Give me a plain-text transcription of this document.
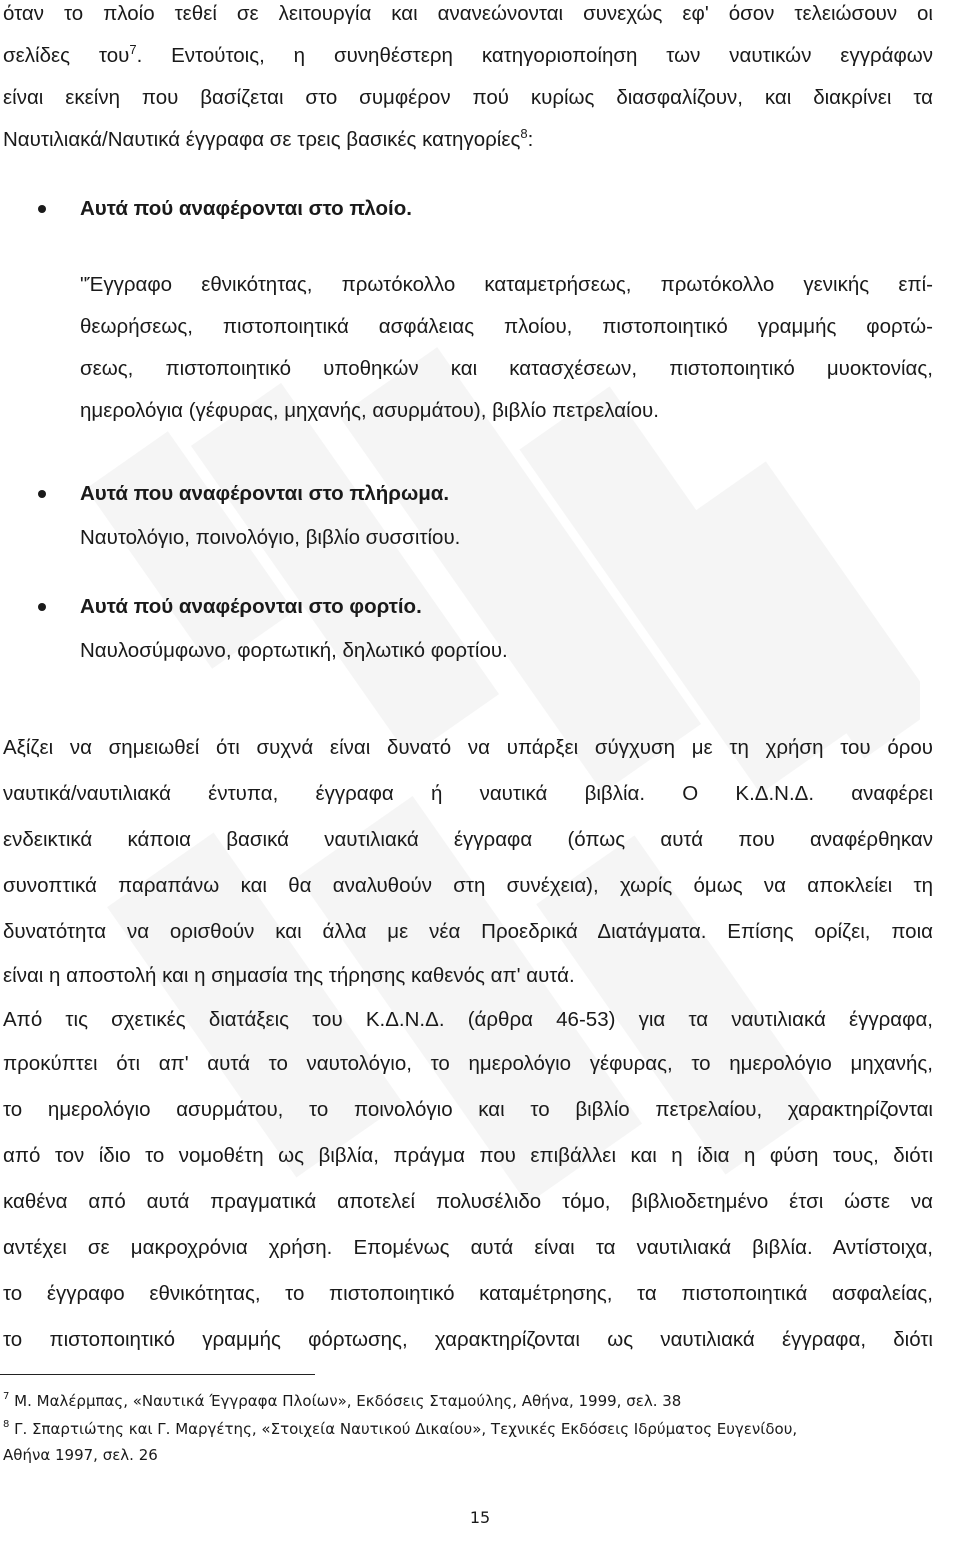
όταν το πλοίο τεθεί σε λειτουργία και ανανεώνονται συνεχώς εφ' όσον τελειώσουν οι
σελίδες του$^7$. Εντούτοις, η συνηθέστερη κατηγοριοποίηση των ναυτικών εγγράφων
είναι εκείνη που βασίζεται στο συμφέρον πού κυρίως διασφαλίζουν, και διακρίνει τα
Ναυτιλιακά/Ναυτικά έγγραφα σε τρεις βασικές κατηγορίες$^8$:
Αυτά πού αναφέρονται στο πλοίο.
"Έγγραφο εθνικότητας, πρωτόκολλο καταμετρήσεως, πρωτόκολλο γενικής επί-
θεωρήσεως, πιστοποιητικά ασφάλειας πλοίου, πιστοποιητικό γραμμής φορτώ-
σεως, πιστοποιητικό υποθηκών και κατασχέσεων, πιστοποιητικό μυοκτονίας,
ημερολόγια (γέφυρας, μηχανής, ασυρμάτου), βιβλίο πετρελαίου.
Αυτά που αναφέρονται στο πλήρωμα.
Ναυτολόγιο, ποινολόγιο, βιβλίο συσσιτίου.
Αυτά πού αναφέρονται στο φορτίο.
Ναυλοσύμφωνο, φορτωτική, δηλωτικό φορτίου.
Αξίζει να σημειωθεί ότι συχνά είναι δυνατό να υπάρξει σύγχυση με τη χρήση του όρου
ναυτικά/ναυτιλιακά έντυπα, έγγραφα ή ναυτικά βιβλία. Ο Κ.Δ.Ν.Δ. αναφέρει
ενδεικτικά κάποια βασικά ναυτιλιακά έγγραφα (όπως αυτά που αναφέρθηκαν
συνοπτικά παραπάνω και θα αναλυθούν στη συνέχεια), χωρίς όμως να αποκλείει τη
δυνατότητα να ορισθούν και άλλα με νέα Προεδρικά Διατάγματα. Επίσης ορίζει, ποια
είναι η αποστολή και η σημασία της τήρησης καθενός απ' αυτά.
Από τις σχετικές διατάξεις του Κ.Δ.Ν.Δ. (άρθρα 46-53) για τα ναυτιλιακά έγγραφα,
προκύπτει ότι απ' αυτά το ναυτολόγιο, το ημερολόγιο γέφυρας, το ημερολόγιο μηχανής,
το ημερολόγιο ασυρμάτου, το ποινολόγιο και το βιβλίο πετρελαίου, χαρακτηρίζονται
από τον ίδιο το νομοθέτη ως βιβλία, πράγμα που επιβάλλει και η ίδια η φύση τους, διότι
καθένα από αυτά πραγματικά αποτελεί πολυσέλιδο τόμο, βιβλιοδετημένο έτσι ώστε να
αντέχει σε μακροχρόνια χρήση. Επομένως αυτά είναι τα ναυτιλιακά βιβλία. Αντίστοιχα,
το έγγραφο εθνικότητας, το πιστοποιητικό καταμέτρησης, τα πιστοποιητικά ασφαλείας,
το πιστοποιητικό γραμμής φόρτωσης, χαρακτηρίζονται ως ναυτιλιακά έγγραφα, διότι
$^7$ Μ. Μαλέρμπας, «Ναυτικά Έγγραφα Πλοίων», Εκδόσεις Σταμούλης, Αθήνα, 1999, σελ. 38
$^8$ Γ. Σπαρτιώτης και Γ. Μαργέτης, «Στοιχεία Ναυτικού Δικαίου», Τεχνικές Εκδόσεις Ιδρύματος Ευγενίδου,
Αθήνα 1997, σελ. 26
15
